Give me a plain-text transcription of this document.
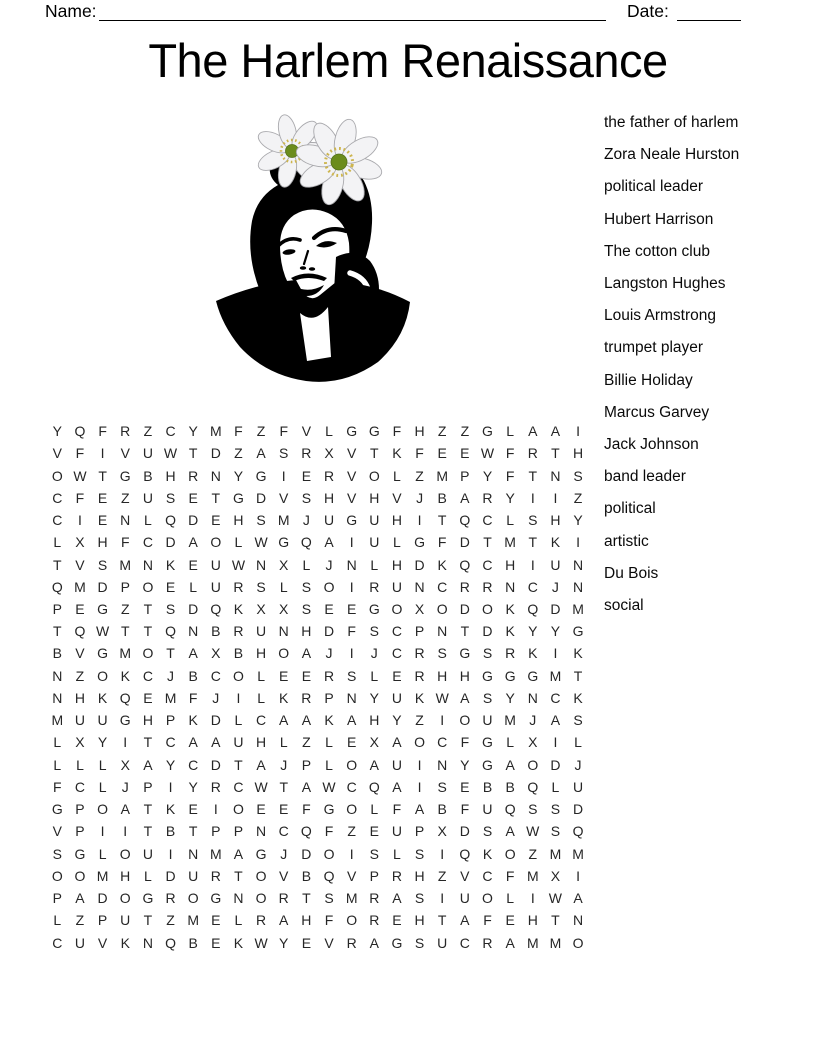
Name:	Date:
The Harlem Renaissance
the father of harlem
Zora Neale Hurston
political leader
Hubert Harrison
The cotton club
Langston Hughes
Louis Armstrong
trumpet player
Billie Holiday
Marcus Garvey
Jack Johnson
band leader
political
artistic
Du Bois
social
Y Q F R Z C Y M F	Z	F V	L G G F H Z	Z G L	A A	I
V F	I	V U W T D Z A S R X V T K F E E W F R T H
O W T G B H R N Y G	I	E R V O L	Z M P Y F	T N S
C F E Z U S E T G D V S H V H V	J	B A R Y	I	I	Z
C	I	E N L Q D E H S M J	U G U H	I	T Q C L	S H Y
L	X H F C D A O L W G Q A	I	U L G F D T M T K	I
T V S M N K E U W N X	L	J	N L H D K Q C H	I	U N
Q M D P O E	L U R S	L	S O	I	R U N C R R N C	J	N
P E G Z	T S D Q K X X S E E G O X O D O K Q D M
T Q W T	T Q N B R U N H D F S C P N T D K Y Y G
B V G M O T A X B H O A	J	I	J	C R S G S R K	I	K
N Z O K C	J	B C O L	E E R S	L	E R H H G G G M T
N H K Q E M F	J	I	L	K R P N Y U K W A S Y N C K
M U U G H P K D L C A A K A H Y Z	I	O U M J	A S
L	X Y	I	T C A A U H L	Z	L	E X A O C F G L	X	I	L
L	L	L	X A Y C D T A	J	P	L O A U	I	N Y G A O D	J
F C L	J	P	I	Y R C W T A W C Q A	I	S E B B Q L U
G P O A T K E	I	O E E F G O L	F A B F U Q S S D
V P	I	I	T B T P P N C Q F	Z E U P X D S A W S Q
S G L O U	I	N M A G J	D O	I	S	L	S	I	Q K O Z M M
O O M H L D U R T O V B Q V P R H Z V C F M X	I
P A D O G R O G N O R T S M R A S	I	U O L	I	W A
L	Z P U T	Z M E	L R A H F O R E H T A F E H T N
C U V K N Q B E K W Y E V R A G S U C R A M M O
